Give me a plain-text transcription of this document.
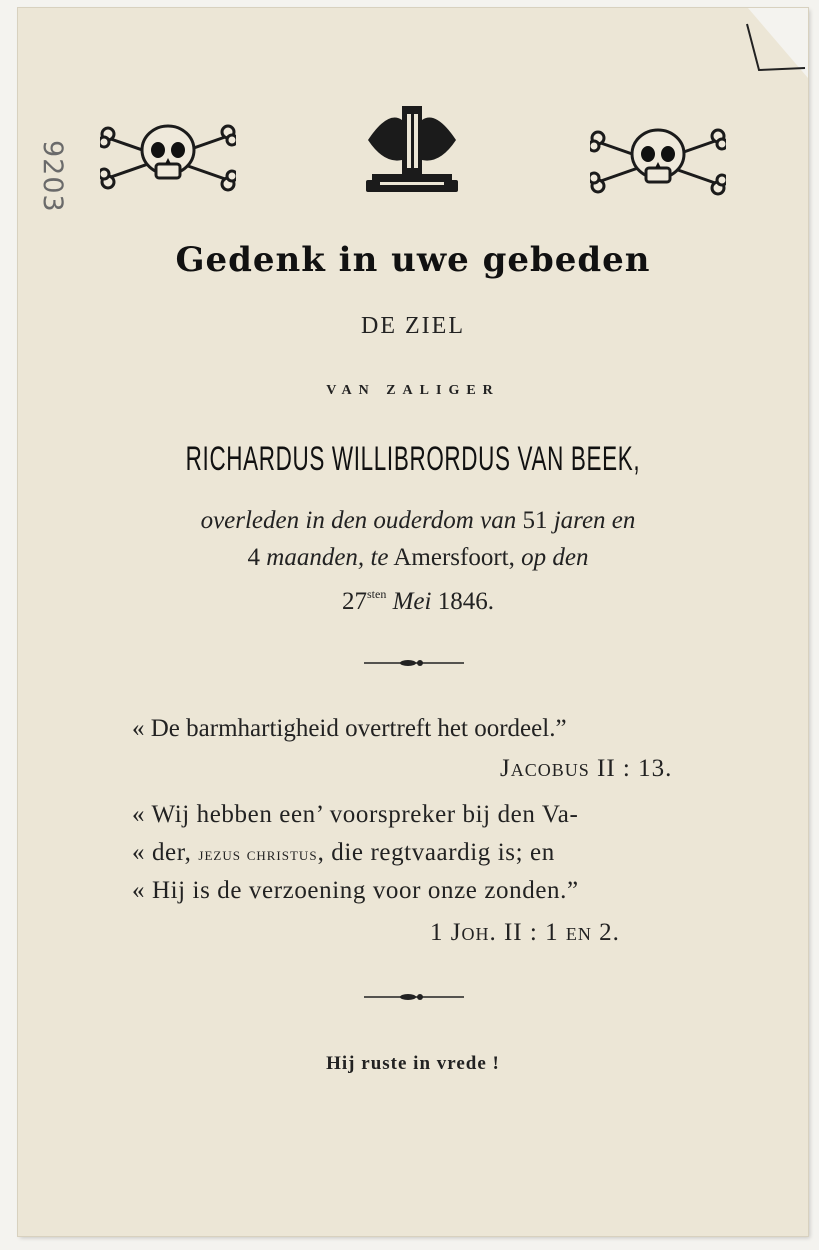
9203
Gedenk in uwe gebeden
DE ZIEL
VAN ZALIGER
RICHARDUS WILLIBRORDUS VAN BEEK,
overleden in den ouderdom van 51 jaren en
4 maanden, te Amersfoort, op den
$27^{sten}$ Mei 1846.
« De barmhartigheid overtreft het oordeel.”
Jacobus II : 13.
« Wij hebben een’ voorspreker bij den Va-
« der, jezus christus, die regtvaardig is; en
« Hij is de verzoening voor onze zonden.”
1 Joh. II : 1 en 2.
Hij ruste in vrede !
